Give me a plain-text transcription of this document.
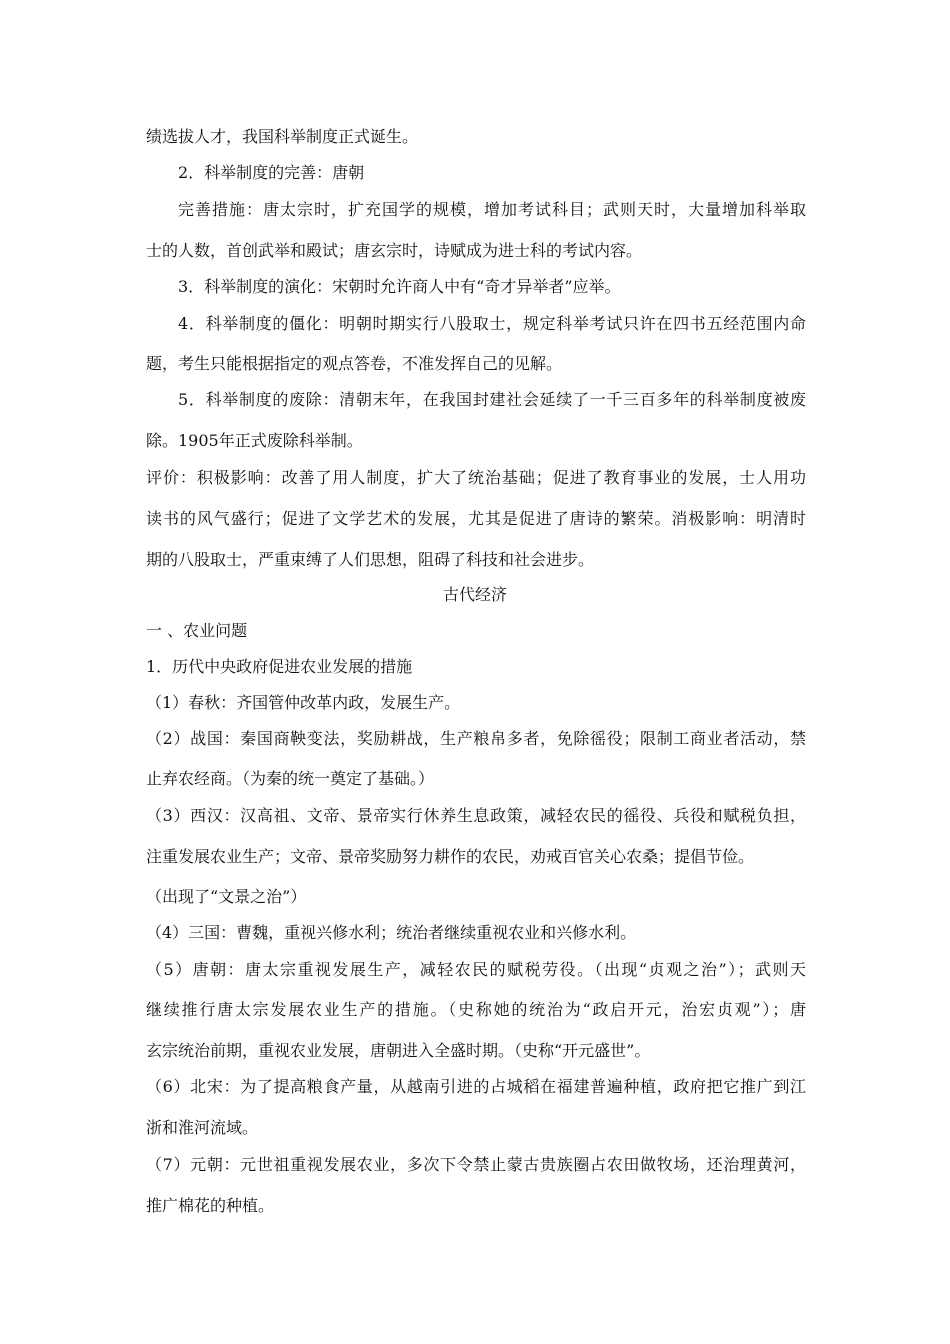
绩选拔人才，我国科举制度正式诞生。
2．科举制度的完善：唐朝
完善措施：唐太宗时，扩充国学的规模，增加考试科目；武则天时，大量增加科举取
士的人数，首创武举和殿试；唐玄宗时，诗赋成为进士科的考试内容。
3．科举制度的演化：宋朝时允许商人中有“奇才异举者”应举。
4．科举制度的僵化：明朝时期实行八股取士，规定科举考试只许在四书五经范围内命
题，考生只能根据指定的观点答卷，不准发挥自己的见解。
5．科举制度的废除：清朝末年，在我国封建社会延续了一千三百多年的科举制度被废
除。1905年正式废除科举制。
评价：积极影响：改善了用人制度，扩大了统治基础；促进了教育事业的发展，士人用功
读书的风气盛行；促进了文学艺术的发展，尤其是促进了唐诗的繁荣。消极影响：明清时
期的八股取士，严重束缚了人们思想，阻碍了科技和社会进步。
古代经济
一 、农业问题
1．历代中央政府促进农业发展的措施
（1）春秋：齐国管仲改革内政，发展生产。
（2）战国：秦国商鞅变法，奖励耕战，生产粮帛多者，免除徭役；限制工商业者活动，禁
止弃农经商。（为秦的统一奠定了基础。）
（3）西汉：汉高祖、文帝、景帝实行休养生息政策，减轻农民的徭役、兵役和赋税负担，
注重发展农业生产；文帝、景帝奖励努力耕作的农民，劝戒百官关心农桑；提倡节俭。
（出现了“文景之治”）
（4）三国：曹魏，重视兴修水利；统治者继续重视农业和兴修水利。
（5）唐朝：唐太宗重视发展生产，减轻农民的赋税劳役。（出现“贞观之治”）；武则天
继续推行唐太宗发展农业生产的措施。（史称她的统治为“政启开元，治宏贞观”）；唐
玄宗统治前期，重视农业发展，唐朝进入全盛时期。（史称“开元盛世”。
（6）北宋：为了提高粮食产量，从越南引进的占城稻在福建普遍种植，政府把它推广到江
浙和淮河流域。
（7）元朝：元世祖重视发展农业，多次下令禁止蒙古贵族圈占农田做牧场，还治理黄河，
推广棉花的种植。
